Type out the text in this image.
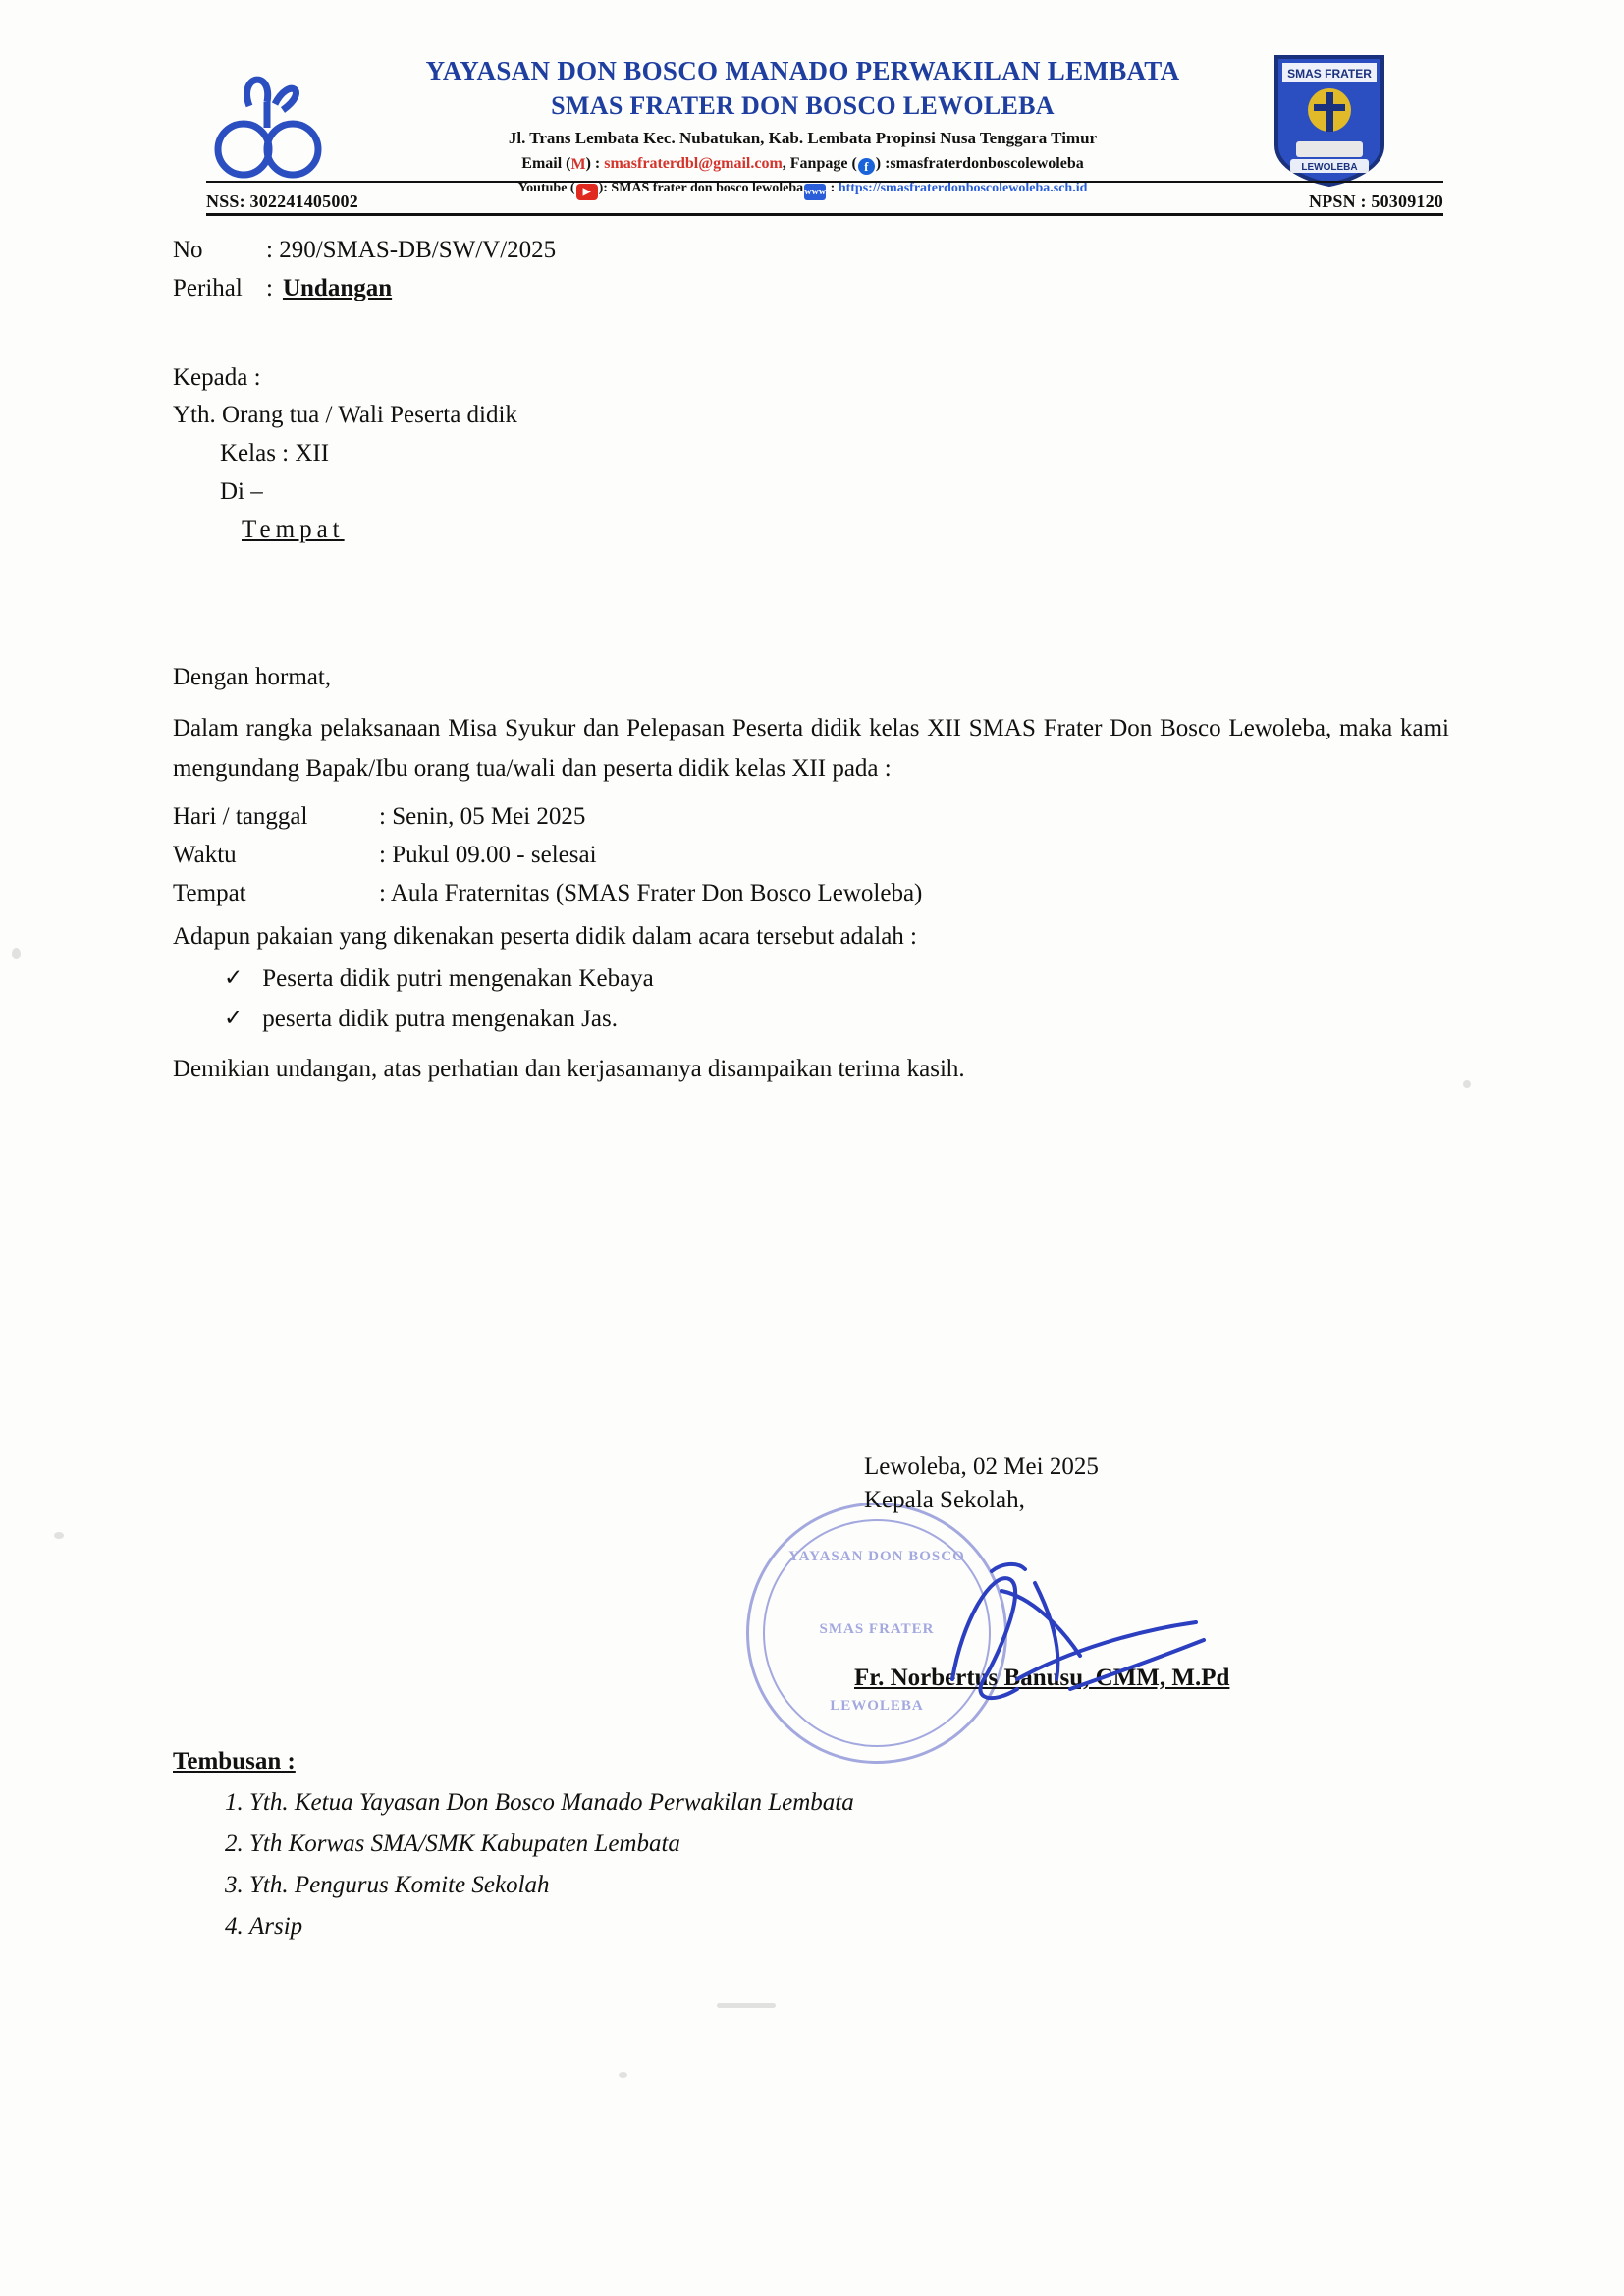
SMAS FRATER
LEWOLEBA
YAYASAN DON BOSCO MANADO PERWAKILAN LEMBATA
SMAS FRATER DON BOSCO LEWOLEBA
Jl. Trans Lembata Kec. Nubatukan, Kab. Lembata Propinsi Nusa Tenggara Timur
Email (M) : smasfraterdbl@gmail.com, Fanpage ( f ) :smasfraterdonboscolewoleba
Youtube ( ▶ ): SMAS frater don bosco lewolebawww : https://smasfraterdonboscolewoleba.sch.id
NSS: 302241405002	NPSN : 50309120
No	: 290/SMAS-DB/SW/V/2025
Perihal : Undangan
Kepada :
Yth. Orang tua / Wali Peserta didik
Kelas : XII
Di –
Tempat
Dengan hormat,

Dalam rangka pelaksanaan Misa Syukur dan Pelepasan Peserta didik kelas XII SMAS Frater Don Bosco Lewoleba, maka kami mengundang Bapak/Ibu orang tua/wali dan peserta didik kelas XII pada :

Hari / tanggal	: Senin, 05 Mei 2025
Waktu	: Pukul 09.00 - selesai
Tempat	: Aula Fraternitas (SMAS Frater Don Bosco Lewoleba)
Adapun pakaian yang dikenakan peserta didik dalam acara tersebut adalah :
✓ Peserta didik putri mengenakan Kebaya
✓ peserta didik putra mengenakan Jas.
Demikian undangan, atas perhatian dan kerjasamanya disampaikan terima kasih.
YAYASAN DON BOSCO
SMAS FRATER
LEWOLEBA
Lewoleba, 02 Mei 2025
Kepala Sekolah,
Fr. Norbertus Banusu, CMM, M.Pd
Tembusan :
1. Yth. Ketua Yayasan Don Bosco Manado Perwakilan Lembata
2. Yth Korwas SMA/SMK Kabupaten Lembata
3. Yth. Pengurus Komite Sekolah
4. Arsip
